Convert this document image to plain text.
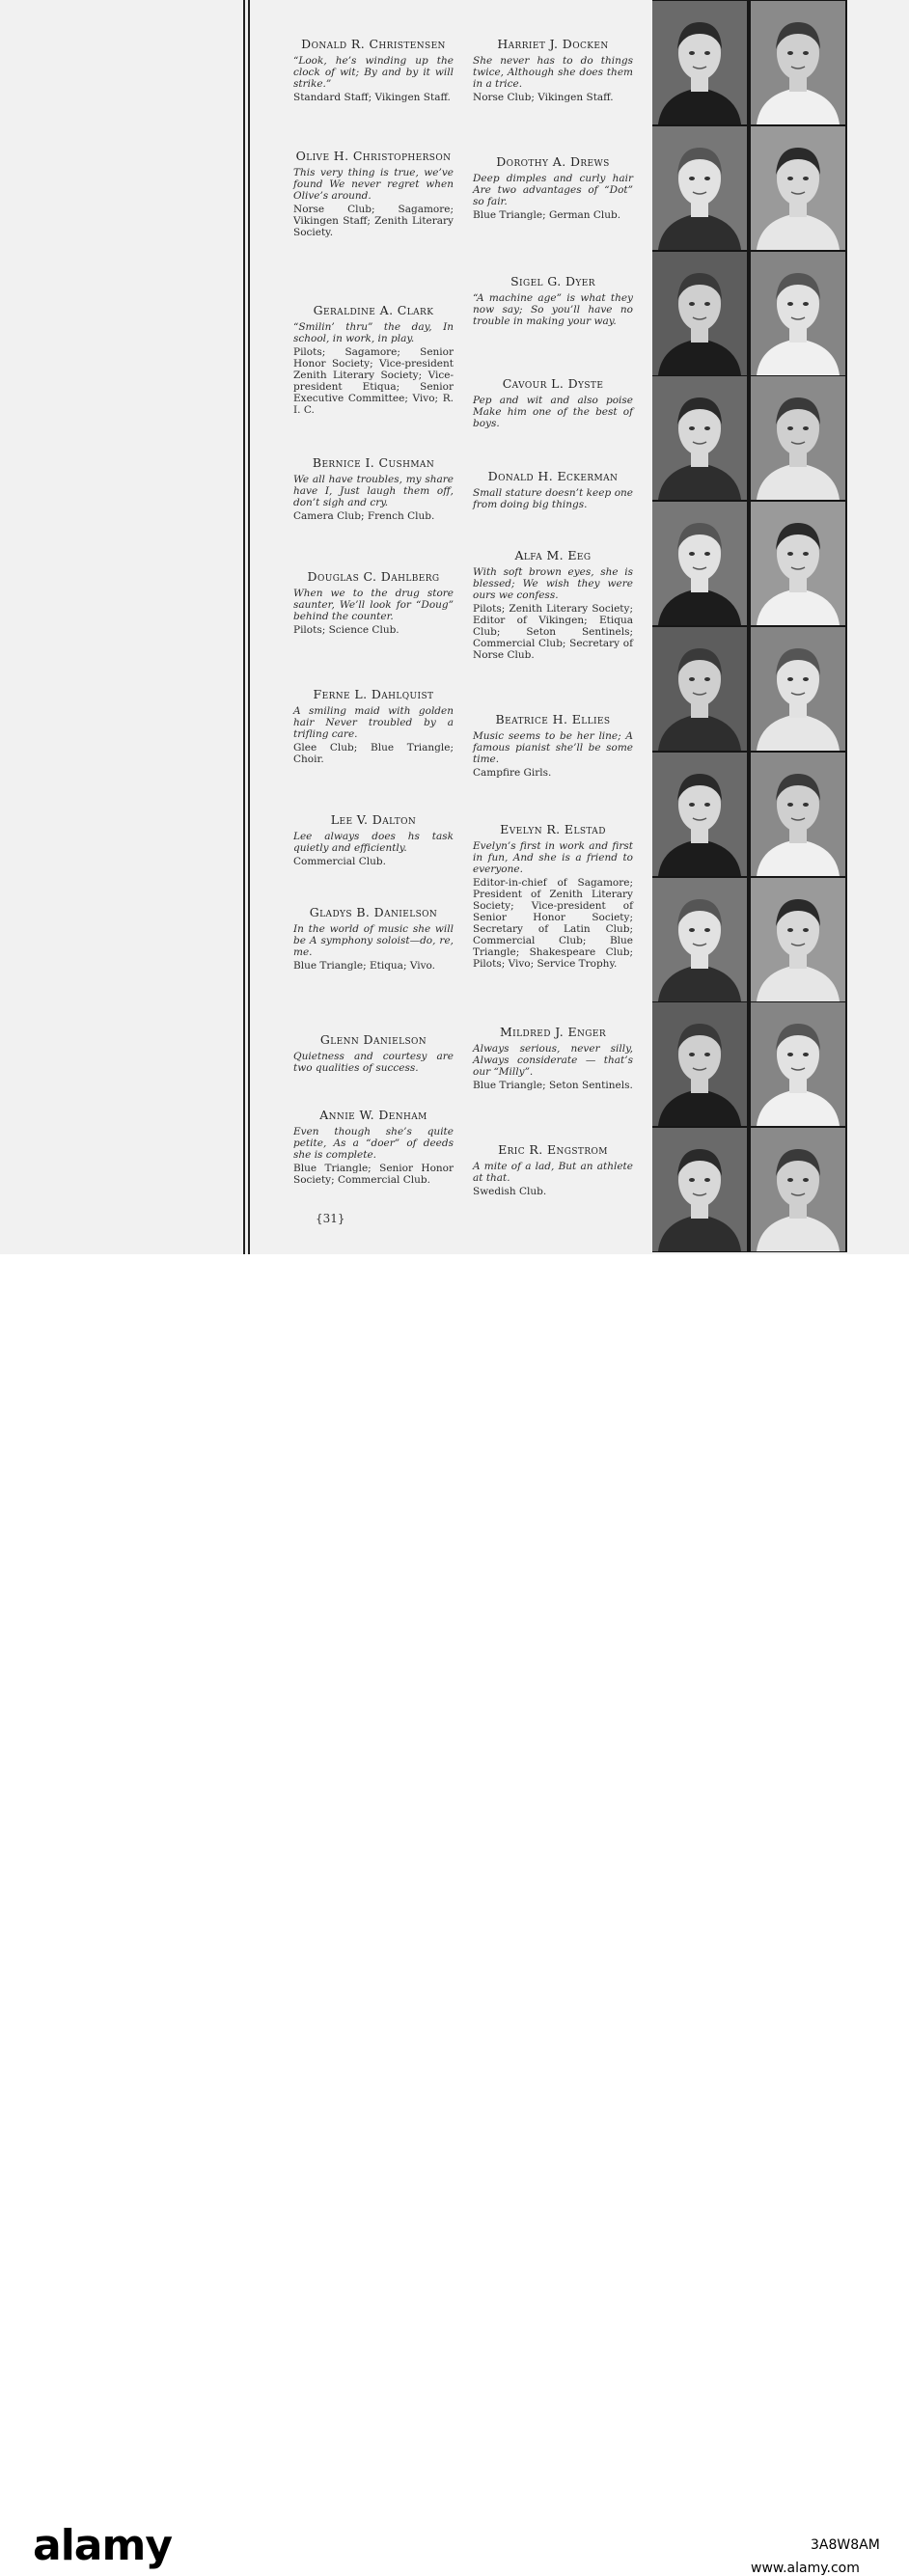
Donald R. Christensen
“Look, he’s winding up the clock of wit; By and by it will strike.”
Standard Staff; Vikingen Staff.
Olive H. Christopherson
This very thing is true, we’ve found We never regret when Olive’s around.
Norse Club; Sagamore; Vikingen Staff; Zenith Literary Society.
Geraldine A. Clark
“Smilin’ thru” the day, In school, in work, in play.
Pilots; Sagamore; Senior Honor Society; Vice-president Zenith Literary Society; Vice-president Etiqua; Senior Executive Committee; Vivo; R. I. C.
Bernice I. Cushman
We all have troubles, my share have I, Just laugh them off, don’t sigh and cry.
Camera Club; French Club.
Douglas C. Dahlberg
When we to the drug store saunter, We’ll look for “Doug” behind the counter.
Pilots; Science Club.
Ferne L. Dahlquist
A smiling maid with golden hair Never troubled by a trifling care.
Glee Club; Blue Triangle; Choir.
Lee V. Dalton
Lee always does hs task quietly and efficiently.
Commercial Club.
Gladys B. Danielson
In the world of music she will be A symphony soloist—do, re, me.
Blue Triangle; Etiqua; Vivo.
Glenn Danielson
Quietness and courtesy are two qualities of success.
Annie W. Denham
Even though she’s quite petite, As a “doer” of deeds she is complete.
Blue Triangle; Senior Honor Society; Commercial Club.
Harriet J. Docken
She never has to do things twice, Although she does them in a trice.
Norse Club; Vikingen Staff.
Dorothy A. Drews
Deep dimples and curly hair Are two advantages of “Dot” so fair.
Blue Triangle; German Club.
Sigel G. Dyer
“A machine age” is what they now say; So you’ll have no trouble in making your way.
Cavour L. Dyste
Pep and wit and also poise Make him one of the best of boys.
Donald H. Eckerman
Small stature doesn’t keep one from doing big things.
Alfa M. Eeg
With soft brown eyes, she is blessed; We wish they were ours we confess.
Pilots; Zenith Literary Society; Editor of Vikingen; Etiqua Club; Seton Sentinels; Commercial Club; Secretary of Norse Club.
Beatrice H. Ellies
Music seems to be her line; A famous pianist she’ll be some time.
Campfire Girls.
Evelyn R. Elstad
Evelyn’s first in work and first in fun, And she is a friend to everyone.
Editor-in-chief of Sagamore; President of Zenith Literary Society; Vice-president of Senior Honor Society; Secretary of Latin Club; Commercial Club; Blue Triangle; Shakespeare Club; Pilots; Vivo; Service Trophy.
Mildred J. Enger
Always serious, never silly, Always considerate — that’s our “Milly”.
Blue Triangle; Seton Sentinels.
Eric R. Engstrom
A mite of a lad, But an athlete at that.
Swedish Club.
{31}
alamy	3A8W8AM
www.alamy.com
